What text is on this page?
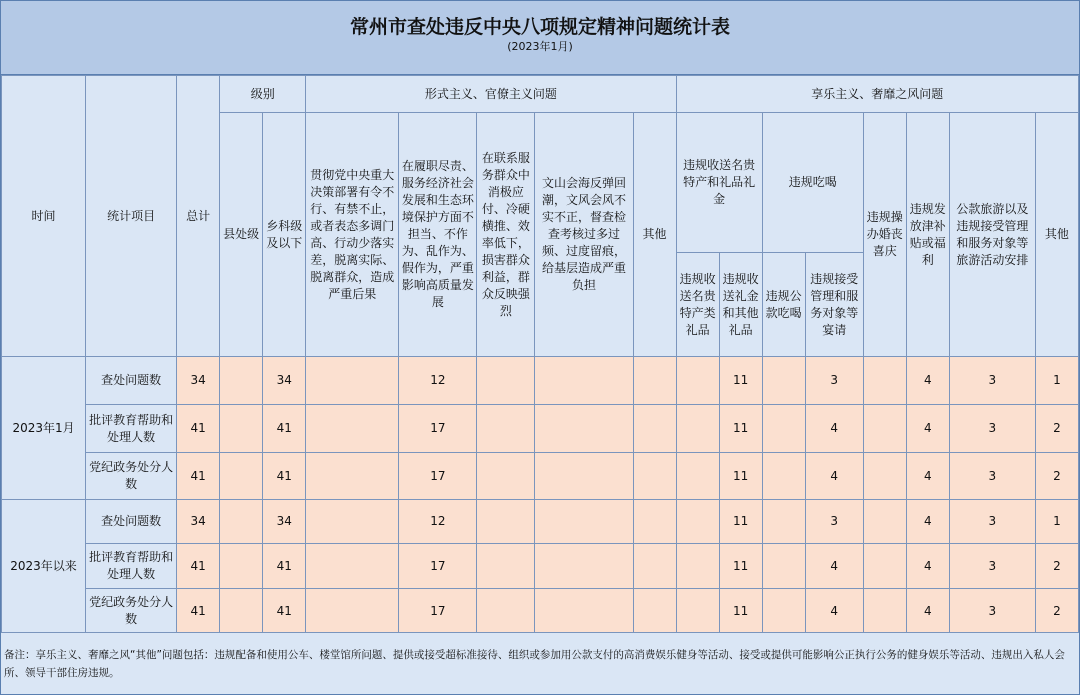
常州市查处违反中央八项规定精神问题统计表
(2023年1月)
时间	统计项目	总计	级别		形式主义、官僚主义问题					享乐主义、奢靡之风问题							
			县处级	乡科级及以下	贯彻党中央重大决策部署有令不行、有禁不止，或者表态多调门高、行动少落实差，脱离实际、脱离群众，造成严重后果	在履职尽责、服务经济社会发展和生态环境保护方面不担当、不作为、乱作为、假作为，严重影响高质量发展	在联系服务群众中消极应付、冷硬横推、效率低下，损害群众利益，群众反映强烈	文山会海反弹回潮，文风会风不实不正，督查检查考核过多过频、过度留痕，给基层造成严重负担	其他	违规收送名贵特产和礼品礼金		违规吃喝		违规操办婚丧喜庆	违规发放津补贴或福利	公款旅游以及违规接受管理和服务对象等旅游活动安排	其他

										违规收送名贵特产类礼品	违规收送礼金和其他礼品	违规公款吃喝	违规接受管理和服务对象等宴请				
2023年1月	查处问题数	34		34		12					11		3		4	3	1
	批评教育帮助和处理人数	41		41		17					11		4		4	3	2
	党纪政务处分人数	41		41		17					11		4		4	3	2
2023年以来	查处问题数	34		34		12					11		3		4	3	1
	批评教育帮助和处理人数	41		41		17					11		4		4	3	2
	党纪政务处分人数	41		41		17					11		4		4	3	2
备注：享乐主义、奢靡之风“其他”问题包括：违规配备和使用公车、楼堂馆所问题、提供或接受超标准接待、组织或参加用公款支付的高消费娱乐健身等活动、接受或提供可能影响公正执行公务的健身娱乐等活动、违规出入私人会所、领导干部住房违规。
